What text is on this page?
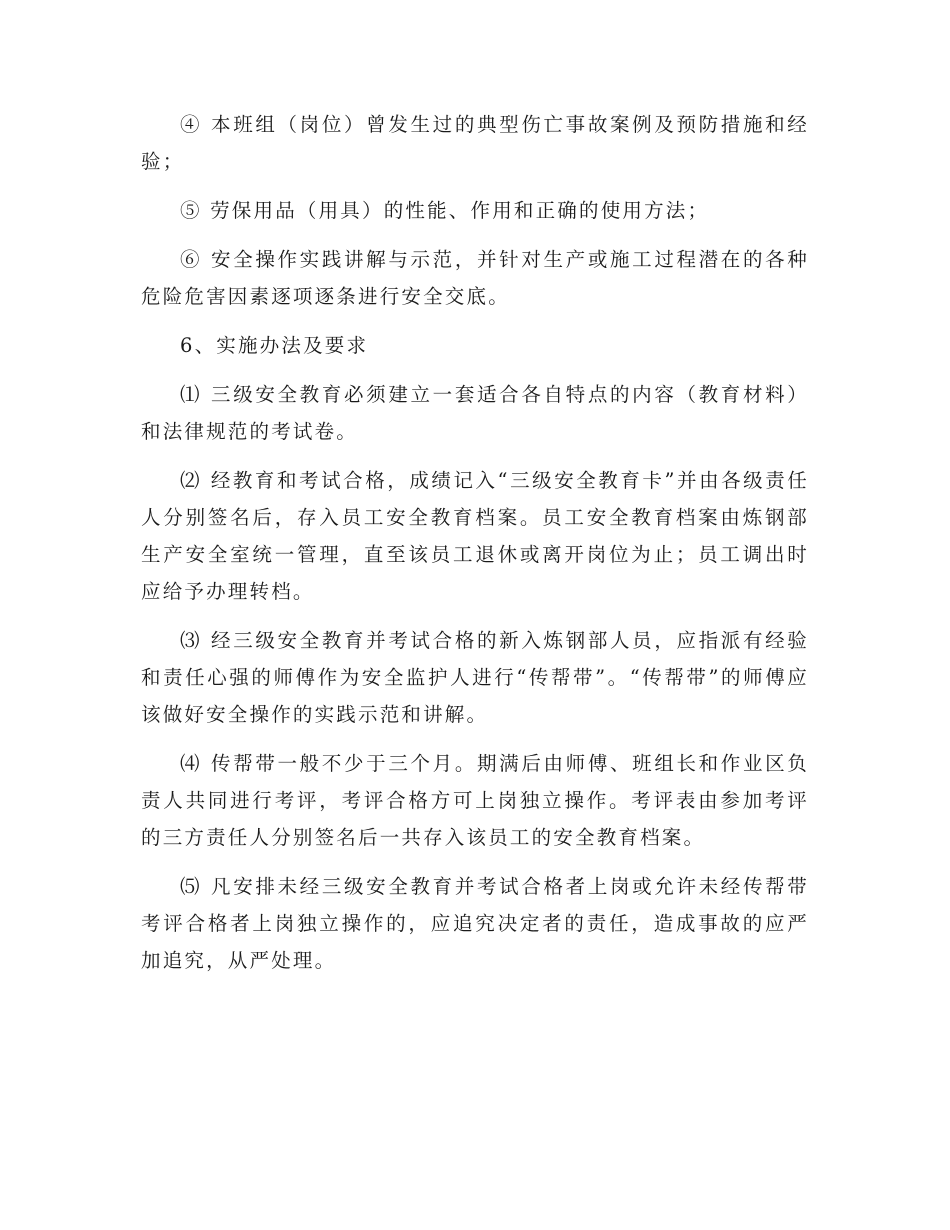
④ 本班组（岗位）曾发生过的典型伤亡事故案例及预防措施和经验；

⑤ 劳保用品（用具）的性能、作用和正确的使用方法；

⑥ 安全操作实践讲解与示范，并针对生产或施工过程潜在的各种危险危害因素逐项逐条进行安全交底。

6、实施办法及要求

⑴ 三级安全教育必须建立一套适合各自特点的内容（教育材料）和法律规范的考试卷。

⑵ 经教育和考试合格，成绩记入“三级安全教育卡”并由各级责任人分别签名后，存入员工安全教育档案。员工安全教育档案由炼钢部生产安全室统一管理，直至该员工退休或离开岗位为止；员工调出时应给予办理转档。

⑶ 经三级安全教育并考试合格的新入炼钢部人员，应指派有经验和责任心强的师傅作为安全监护人进行“传帮带”。“传帮带”的师傅应该做好安全操作的实践示范和讲解。

⑷ 传帮带一般不少于三个月。期满后由师傅、班组长和作业区负责人共同进行考评，考评合格方可上岗独立操作。考评表由参加考评的三方责任人分别签名后一共存入该员工的安全教育档案。

⑸ 凡安排未经三级安全教育并考试合格者上岗或允许未经传帮带考评合格者上岗独立操作的，应追究决定者的责任，造成事故的应严加追究，从严处理。
